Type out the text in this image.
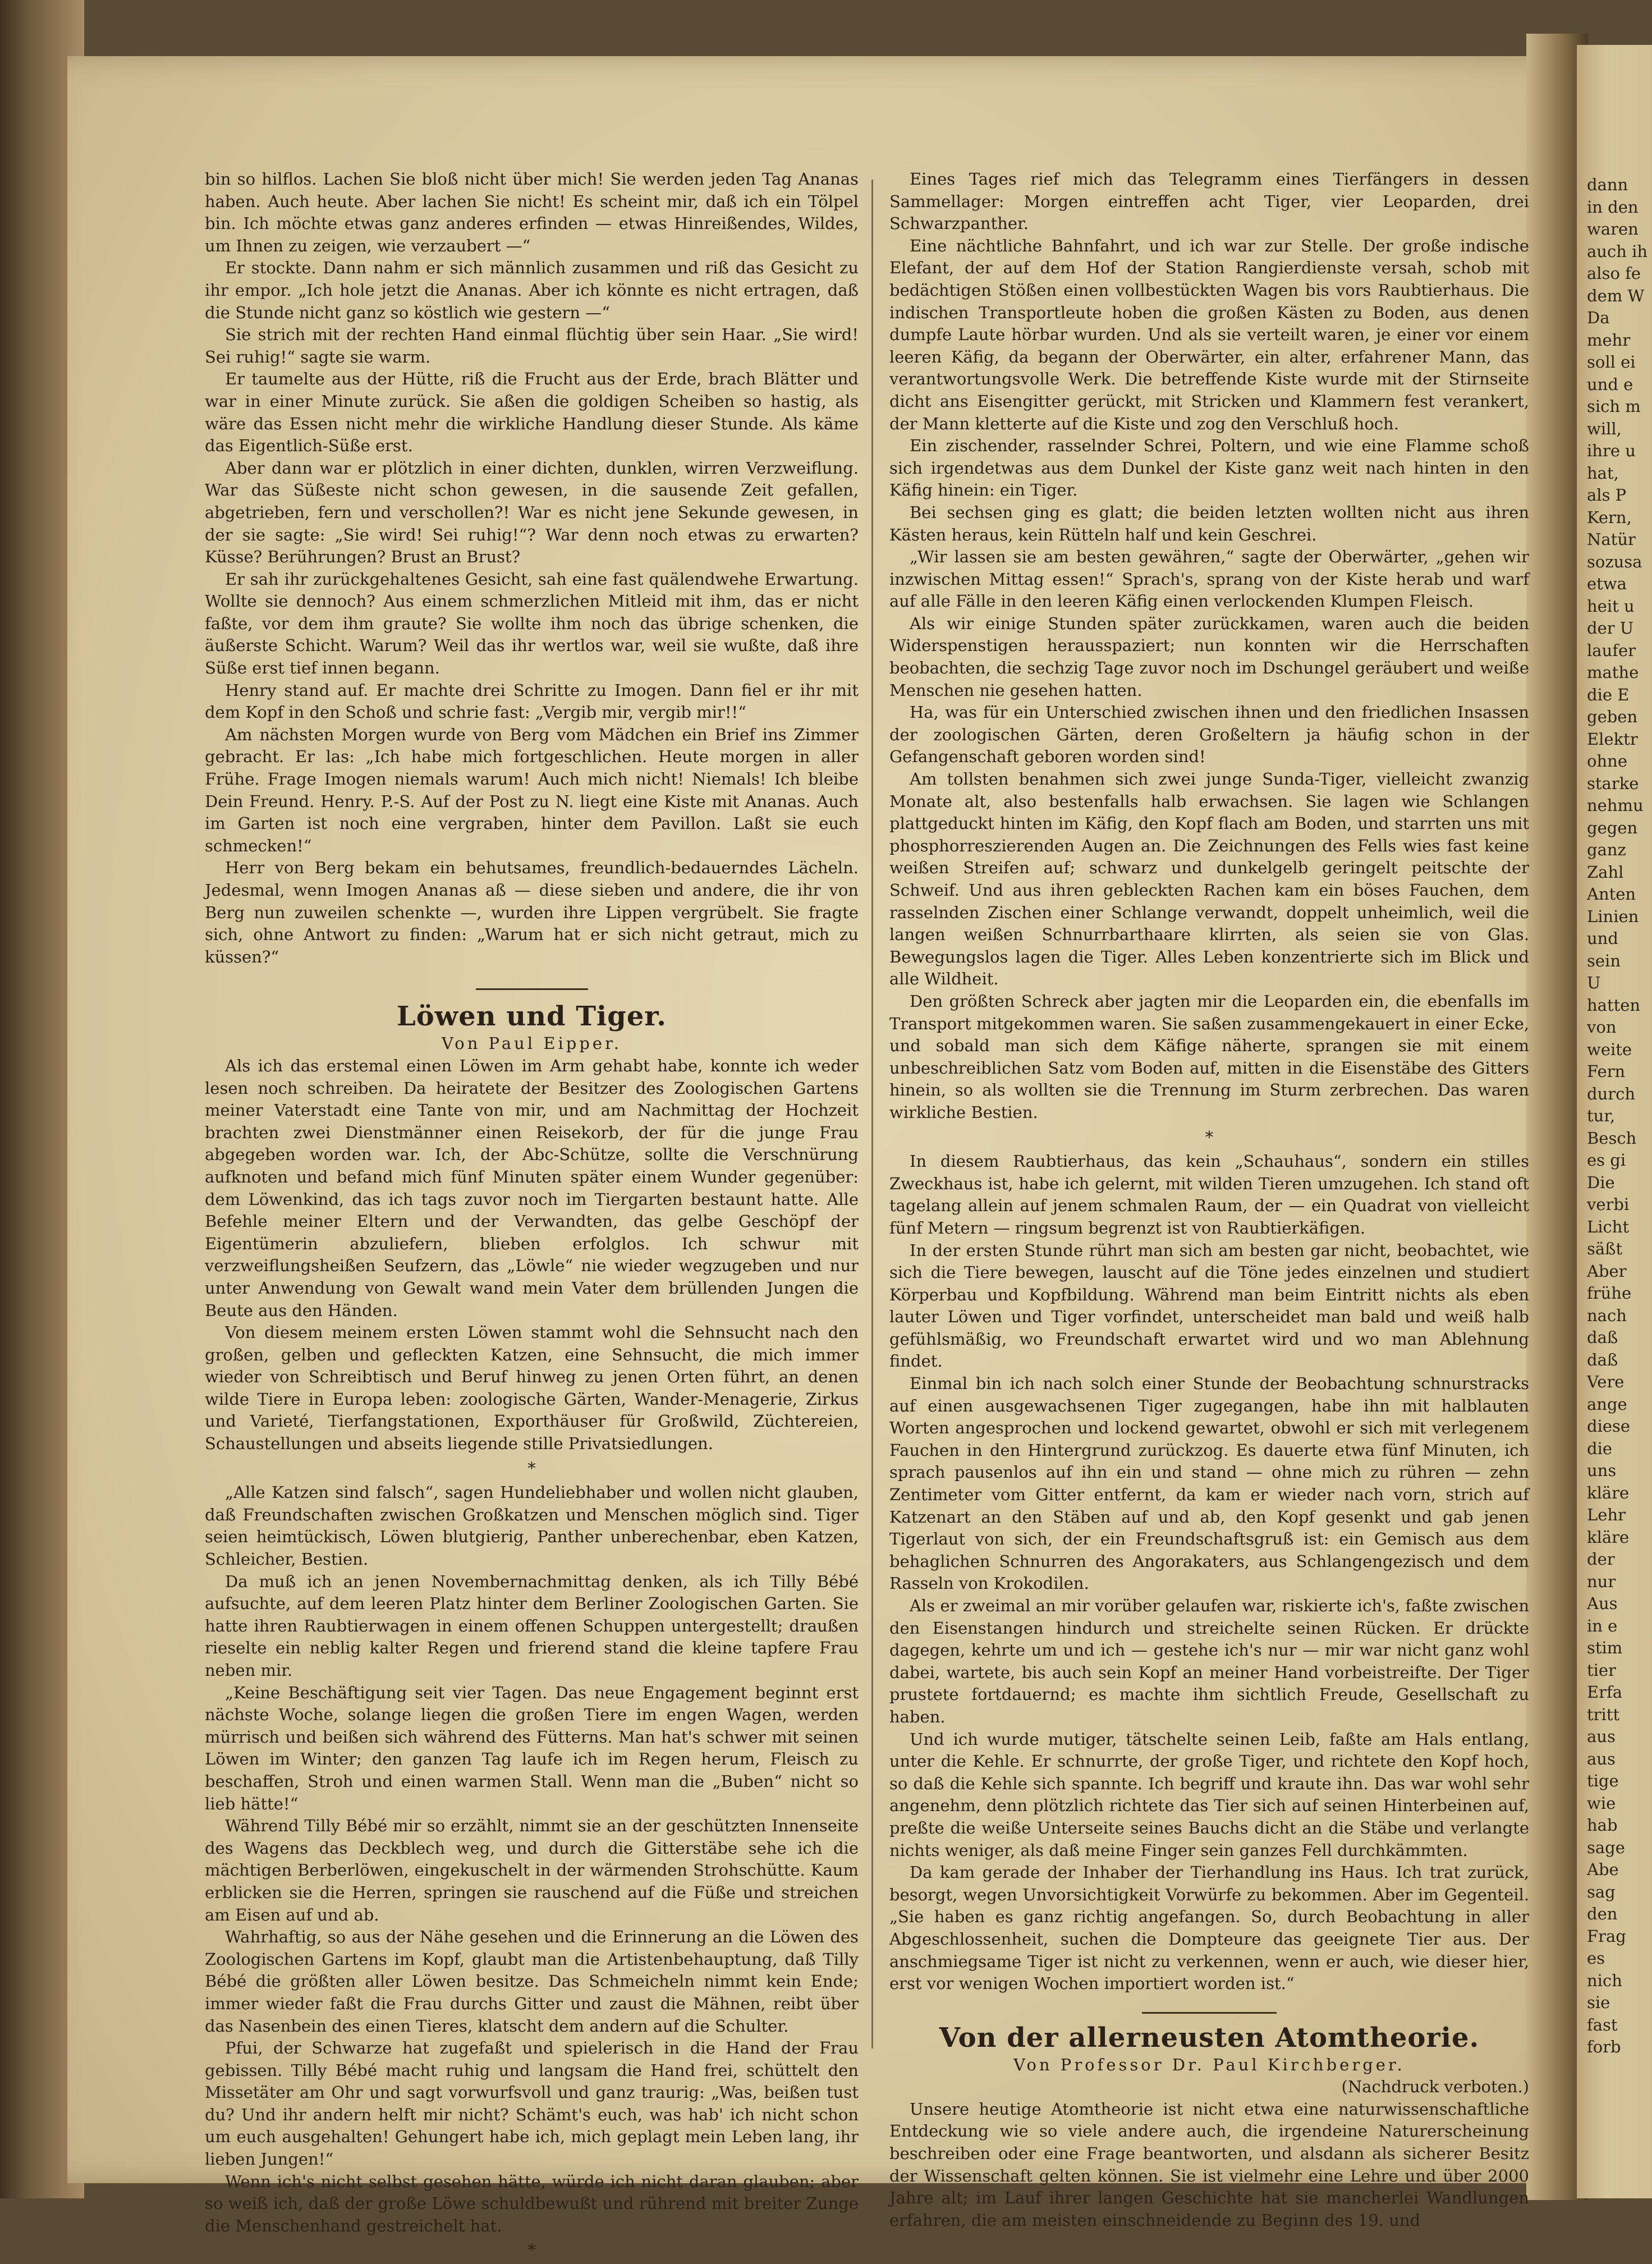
dann
in den
waren
auch ih
also fe
dem W
Da
mehr
soll ei
und e
sich m
will,
ihre u
hat,
als P
Kern,
Natür
sozusa
etwa
heit u
der U
laufer
mathe
die E
geben
Elektr
ohne
starke
nehmu
gegen
ganz
Zahl
Anten
Linien
und
sein
U
hatten
von
weite
Fern
durch
tur,
Besch
es gi
Die
verbi
Licht
säßt
Aber
frühe
nach
daß
daß
Vere
ange
diese
die
uns
kläre
Lehr
kläre
der
nur
Aus
in e
stim
tier
Erfa
tritt
aus
aus
tige
wie
hab
sage
Abe
sag
den
Frag
es
nich
sie
fast
forb

bin so hilflos. Lachen Sie bloß nicht über mich! Sie werden jeden Tag Ananas haben. Auch heute. Aber lachen Sie nicht! Es scheint mir, daß ich ein Tölpel bin. Ich möchte etwas ganz anderes erfinden — etwas Hinreißendes, Wildes, um Ihnen zu zeigen, wie verzaubert —“

Er stockte. Dann nahm er sich männlich zusammen und riß das Gesicht zu ihr empor. „Ich hole jetzt die Ananas. Aber ich könnte es nicht ertragen, daß die Stunde nicht ganz so köstlich wie gestern —“

Sie strich mit der rechten Hand einmal flüchtig über sein Haar. „Sie wird! Sei ruhig!“ sagte sie warm.

Er taumelte aus der Hütte, riß die Frucht aus der Erde, brach Blätter und war in einer Minute zurück. Sie aßen die goldigen Scheiben so hastig, als wäre das Essen nicht mehr die wirkliche Handlung dieser Stunde. Als käme das Eigentlich-Süße erst.

Aber dann war er plötzlich in einer dichten, dunklen, wirren Verzweiflung. War das Süßeste nicht schon gewesen, in die sausende Zeit gefallen, abgetrieben, fern und verschollen?! War es nicht jene Sekunde gewesen, in der sie sagte: „Sie wird! Sei ruhig!“? War denn noch etwas zu erwarten? Küsse? Berührungen? Brust an Brust?

Er sah ihr zurückgehaltenes Gesicht, sah eine fast quälendwehe Erwartung. Wollte sie dennoch? Aus einem schmerzlichen Mitleid mit ihm, das er nicht faßte, vor dem ihm graute? Sie wollte ihm noch das übrige schenken, die äußerste Schicht. Warum? Weil das ihr wertlos war, weil sie wußte, daß ihre Süße erst tief innen begann.

Henry stand auf. Er machte drei Schritte zu Imogen. Dann fiel er ihr mit dem Kopf in den Schoß und schrie fast: „Vergib mir, vergib mir!!“

Am nächsten Morgen wurde von Berg vom Mädchen ein Brief ins Zimmer gebracht. Er las: „Ich habe mich fortgeschlichen. Heute morgen in aller Frühe. Frage Imogen niemals warum! Auch mich nicht! Niemals! Ich bleibe Dein Freund. Henry. P.-S. Auf der Post zu N. liegt eine Kiste mit Ananas. Auch im Garten ist noch eine vergraben, hinter dem Pavillon. Laßt sie euch schmecken!“

Herr von Berg bekam ein behutsames, freundlich-bedauerndes Lächeln. Jedesmal, wenn Imogen Ananas aß — diese sieben und andere, die ihr von Berg nun zuweilen schenkte —, wurden ihre Lippen vergrübelt. Sie fragte sich, ohne Antwort zu finden: „Warum hat er sich nicht getraut, mich zu küssen?“

Löwen und Tiger.

Von Paul Eipper.

Als ich das erstemal einen Löwen im Arm gehabt habe, konnte ich weder lesen noch schreiben. Da heiratete der Besitzer des Zoologischen Gartens meiner Vaterstadt eine Tante von mir, und am Nachmittag der Hochzeit brachten zwei Dienstmänner einen Reisekorb, der für die junge Frau abgegeben worden war. Ich, der Abc-Schütze, sollte die Verschnürung aufknoten und befand mich fünf Minuten später einem Wunder gegenüber: dem Löwenkind, das ich tags zuvor noch im Tiergarten bestaunt hatte. Alle Befehle meiner Eltern und der Verwandten, das gelbe Geschöpf der Eigentümerin abzuliefern, blieben erfolglos. Ich schwur mit verzweiflungsheißen Seufzern, das „Löwle“ nie wieder wegzugeben und nur unter Anwendung von Gewalt wand mein Vater dem brüllenden Jungen die Beute aus den Händen.

Von diesem meinem ersten Löwen stammt wohl die Sehnsucht nach den großen, gelben und gefleckten Katzen, eine Sehnsucht, die mich immer wieder von Schreibtisch und Beruf hinweg zu jenen Orten führt, an denen wilde Tiere in Europa leben: zoologische Gärten, Wander-Menagerie, Zirkus und Varieté, Tierfangstationen, Exporthäuser für Großwild, Züchtereien, Schaustellungen und abseits liegende stille Privatsiedlungen.

*

„Alle Katzen sind falsch“, sagen Hundeliebhaber und wollen nicht glauben, daß Freundschaften zwischen Großkatzen und Menschen möglich sind. Tiger seien heimtückisch, Löwen blutgierig, Panther unberechenbar, eben Katzen, Schleicher, Bestien.

Da muß ich an jenen Novembernachmittag denken, als ich Tilly Bébé aufsuchte, auf dem leeren Platz hinter dem Berliner Zoologischen Garten. Sie hatte ihren Raubtierwagen in einem offenen Schuppen untergestellt; draußen rieselte ein neblig kalter Regen und frierend stand die kleine tapfere Frau neben mir.

„Keine Beschäftigung seit vier Tagen. Das neue Engagement beginnt erst nächste Woche, solange liegen die großen Tiere im engen Wagen, werden mürrisch und beißen sich während des Fütterns. Man hat's schwer mit seinen Löwen im Winter; den ganzen Tag laufe ich im Regen herum, Fleisch zu beschaffen, Stroh und einen warmen Stall. Wenn man die „Buben“ nicht so lieb hätte!“

Während Tilly Bébé mir so erzählt, nimmt sie an der geschützten Innenseite des Wagens das Deckblech weg, und durch die Gitterstäbe sehe ich die mächtigen Berberlöwen, eingekuschelt in der wärmenden Strohschütte. Kaum erblicken sie die Herren, springen sie rauschend auf die Füße und streichen am Eisen auf und ab.

Wahrhaftig, so aus der Nähe gesehen und die Erinnerung an die Löwen des Zoologischen Gartens im Kopf, glaubt man die Artistenbehauptung, daß Tilly Bébé die größten aller Löwen besitze. Das Schmeicheln nimmt kein Ende; immer wieder faßt die Frau durchs Gitter und zaust die Mähnen, reibt über das Nasenbein des einen Tieres, klatscht dem andern auf die Schulter.

Pfui, der Schwarze hat zugefaßt und spielerisch in die Hand der Frau gebissen. Tilly Bébé macht ruhig und langsam die Hand frei, schüttelt den Missetäter am Ohr und sagt vorwurfsvoll und ganz traurig: „Was, beißen tust du? Und ihr andern helft mir nicht? Schämt's euch, was hab' ich nicht schon um euch ausgehalten! Gehungert habe ich, mich geplagt mein Leben lang, ihr lieben Jungen!“

Wenn ich's nicht selbst gesehen hätte, würde ich nicht daran glauben; aber so weiß ich, daß der große Löwe schuldbewußt und rührend mit breiter Zunge die Menschenhand gestreichelt hat.

*

Eines Tages rief mich das Telegramm eines Tierfängers in dessen Sammellager: Morgen eintreffen acht Tiger, vier Leoparden, drei Schwarzpanther.

Eine nächtliche Bahnfahrt, und ich war zur Stelle. Der große indische Elefant, der auf dem Hof der Station Rangierdienste versah, schob mit bedächtigen Stößen einen vollbestückten Wagen bis vors Raubtierhaus. Die indischen Transportleute hoben die großen Kästen zu Boden, aus denen dumpfe Laute hörbar wurden. Und als sie verteilt waren, je einer vor einem leeren Käfig, da begann der Oberwärter, ein alter, erfahrener Mann, das verantwortungsvolle Werk. Die betreffende Kiste wurde mit der Stirnseite dicht ans Eisengitter gerückt, mit Stricken und Klammern fest verankert, der Mann kletterte auf die Kiste und zog den Verschluß hoch.

Ein zischender, rasselnder Schrei, Poltern, und wie eine Flamme schoß sich irgendetwas aus dem Dunkel der Kiste ganz weit nach hinten in den Käfig hinein: ein Tiger.

Bei sechsen ging es glatt; die beiden letzten wollten nicht aus ihren Kästen heraus, kein Rütteln half und kein Geschrei.

„Wir lassen sie am besten gewähren,“ sagte der Oberwärter, „gehen wir inzwischen Mittag essen!“ Sprach's, sprang von der Kiste herab und warf auf alle Fälle in den leeren Käfig einen verlockenden Klumpen Fleisch.

Als wir einige Stunden später zurückkamen, waren auch die beiden Widerspenstigen herausspaziert; nun konnten wir die Herrschaften beobachten, die sechzig Tage zuvor noch im Dschungel geräubert und weiße Menschen nie gesehen hatten.

Ha, was für ein Unterschied zwischen ihnen und den friedlichen Insassen der zoologischen Gärten, deren Großeltern ja häufig schon in der Gefangenschaft geboren worden sind!

Am tollsten benahmen sich zwei junge Sunda-Tiger, vielleicht zwanzig Monate alt, also bestenfalls halb erwachsen. Sie lagen wie Schlangen plattgeduckt hinten im Käfig, den Kopf flach am Boden, und starrten uns mit phosphorreszierenden Augen an. Die Zeichnungen des Fells wies fast keine weißen Streifen auf; schwarz und dunkelgelb geringelt peitschte der Schweif. Und aus ihren gebleckten Rachen kam ein böses Fauchen, dem rasselnden Zischen einer Schlange verwandt, doppelt unheimlich, weil die langen weißen Schnurrbarthaare klirrten, als seien sie von Glas. Bewegungslos lagen die Tiger. Alles Leben konzentrierte sich im Blick und alle Wildheit.

Den größten Schreck aber jagten mir die Leoparden ein, die ebenfalls im Transport mitgekommen waren. Sie saßen zusammengekauert in einer Ecke, und sobald man sich dem Käfige näherte, sprangen sie mit einem unbeschreiblichen Satz vom Boden auf, mitten in die Eisenstäbe des Gitters hinein, so als wollten sie die Trennung im Sturm zerbrechen. Das waren wirkliche Bestien.

*

In diesem Raubtierhaus, das kein „Schauhaus“, sondern ein stilles Zweckhaus ist, habe ich gelernt, mit wilden Tieren umzugehen. Ich stand oft tagelang allein auf jenem schmalen Raum, der — ein Quadrat von vielleicht fünf Metern — ringsum begrenzt ist von Raubtierkäfigen.

In der ersten Stunde rührt man sich am besten gar nicht, beobachtet, wie sich die Tiere bewegen, lauscht auf die Töne jedes einzelnen und studiert Körperbau und Kopfbildung. Während man beim Eintritt nichts als eben lauter Löwen und Tiger vorfindet, unterscheidet man bald und weiß halb gefühlsmäßig, wo Freundschaft erwartet wird und wo man Ablehnung findet.

Einmal bin ich nach solch einer Stunde der Beobachtung schnurstracks auf einen ausgewachsenen Tiger zugegangen, habe ihn mit halblauten Worten angesprochen und lockend gewartet, obwohl er sich mit verlegenem Fauchen in den Hintergrund zurückzog. Es dauerte etwa fünf Minuten, ich sprach pausenlos auf ihn ein und stand — ohne mich zu rühren — zehn Zentimeter vom Gitter entfernt, da kam er wieder nach vorn, strich auf Katzenart an den Stäben auf und ab, den Kopf gesenkt und gab jenen Tigerlaut von sich, der ein Freundschaftsgruß ist: ein Gemisch aus dem behaglichen Schnurren des Angorakaters, aus Schlangengezisch und dem Rasseln von Krokodilen.

Als er zweimal an mir vorüber gelaufen war, riskierte ich's, faßte zwischen den Eisenstangen hindurch und streichelte seinen Rücken. Er drückte dagegen, kehrte um und ich — gestehe ich's nur — mir war nicht ganz wohl dabei, wartete, bis auch sein Kopf an meiner Hand vorbeistreifte. Der Tiger prustete fortdauernd; es machte ihm sichtlich Freude, Gesellschaft zu haben.

Und ich wurde mutiger, tätschelte seinen Leib, faßte am Hals entlang, unter die Kehle. Er schnurrte, der große Tiger, und richtete den Kopf hoch, so daß die Kehle sich spannte. Ich begriff und kraute ihn. Das war wohl sehr angenehm, denn plötzlich richtete das Tier sich auf seinen Hinterbeinen auf, preßte die weiße Unterseite seines Bauchs dicht an die Stäbe und verlangte nichts weniger, als daß meine Finger sein ganzes Fell durchkämmten.

Da kam gerade der Inhaber der Tierhandlung ins Haus. Ich trat zurück, besorgt, wegen Unvorsichtigkeit Vorwürfe zu bekommen. Aber im Gegenteil. „Sie haben es ganz richtig angefangen. So, durch Beobachtung in aller Abgeschlossenheit, suchen die Dompteure das geeignete Tier aus. Der anschmiegsame Tiger ist nicht zu verkennen, wenn er auch, wie dieser hier, erst vor wenigen Wochen importiert worden ist.“

Von der allerneusten Atomtheorie.

Von Professor Dr. Paul Kirchberger.

(Nachdruck verboten.)

Unsere heutige Atomtheorie ist nicht etwa eine naturwissenschaftliche Entdeckung wie so viele andere auch, die irgendeine Naturerscheinung beschreiben oder eine Frage beantworten, und alsdann als sicherer Besitz der Wissenschaft gelten können. Sie ist vielmehr eine Lehre und über 2000 Jahre alt; im Lauf ihrer langen Geschichte hat sie mancherlei Wandlungen erfahren, die am meisten einschneidende zu Beginn des 19. und
